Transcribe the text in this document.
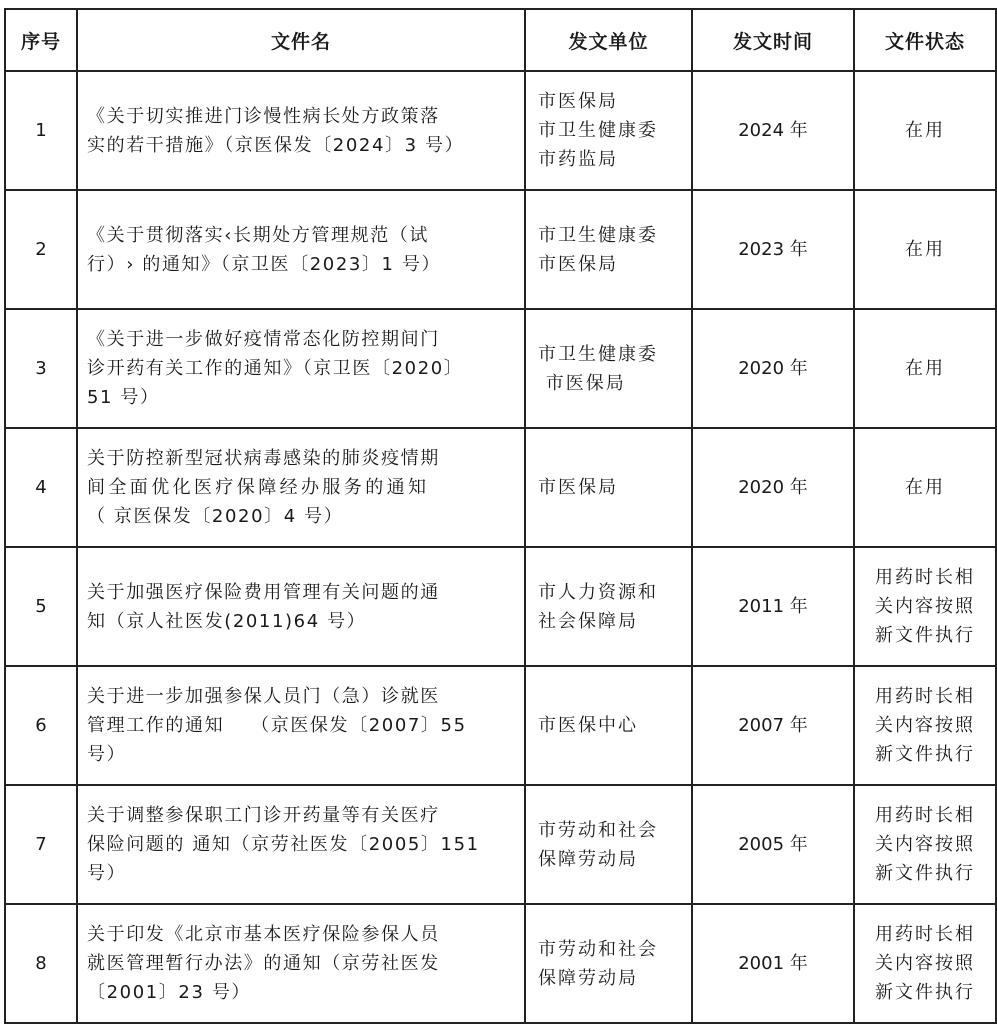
序号	文件名	发文单位	发文时间	文件状态
1	《关于切实推进门诊慢性病长处方政策落
实的若干措施》（京医保发〔2024〕3 号）	市医保局
市卫生健康委
市药监局	2024 年	在用

2	《关于贯彻落实‹长期处方管理规范（试
行）› 的通知》（京卫医〔2023〕1 号）	市卫生健康委
市医保局	2023 年	在用

3	《关于进一步做好疫情常态化防控期间门
诊开药有关工作的通知》（京卫医〔2020〕
51 号）	市卫生健康委
市医保局	2020 年	在用

4	关于防控新型冠状病毒感染的肺炎疫情期
间全面优化医疗保障经办服务的通知
（ 京医保发〔2020〕4 号）	市医保局	2020 年	在用

5	关于加强医疗保险费用管理有关问题的通
知（京人社医发(2011)64 号）	市人力资源和
社会保障局	2011 年	用药时长相
关内容按照
新文件执行

6	关于进一步加强参保人员门（急）诊就医
管理工作的通知　 （京医保发〔2007〕55
号）	市医保中心	2007 年	用药时长相
关内容按照
新文件执行

7	关于调整参保职工门诊开药量等有关医疗
保险问题的 通知（京劳社医发〔2005〕151
号）	市劳动和社会
保障劳动局	2005 年	用药时长相
关内容按照
新文件执行

8	关于印发《北京市基本医疗保险参保人员
就医管理暂行办法》的通知（京劳社医发
〔2001〕23 号）	市劳动和社会
保障劳动局	2001 年	用药时长相
关内容按照
新文件执行
